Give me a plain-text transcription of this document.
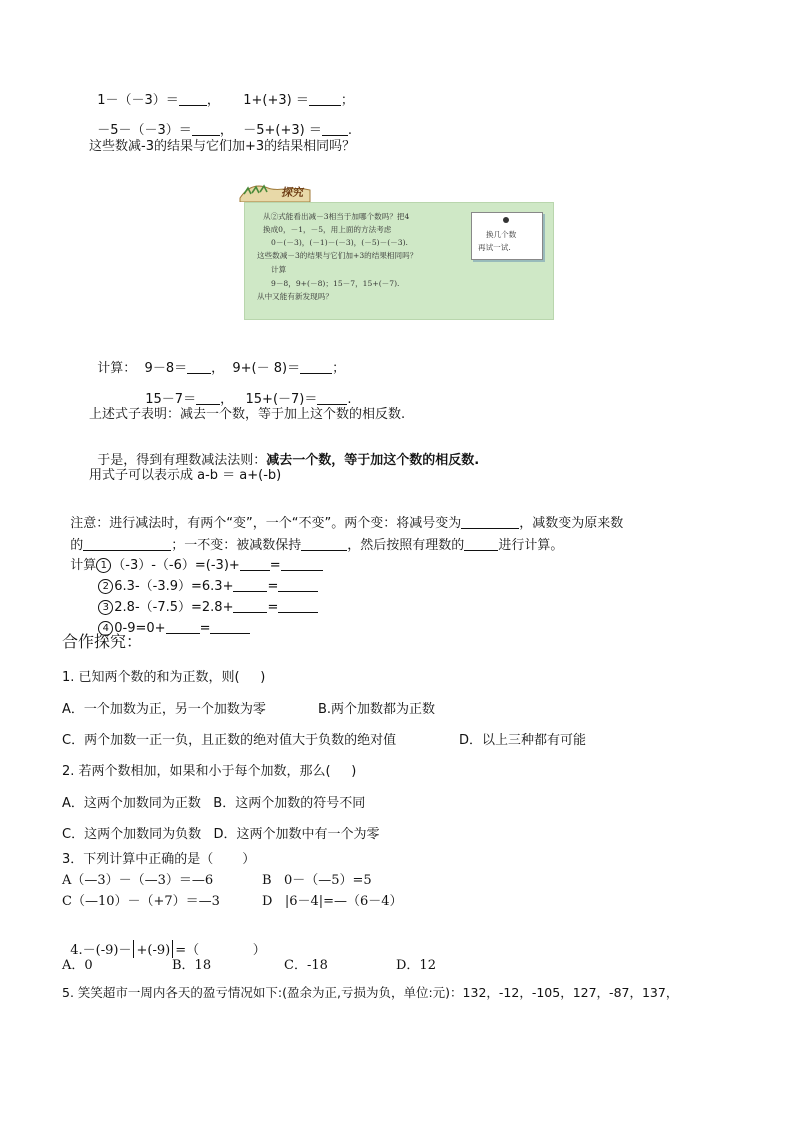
1－（－3）＝ ，	1+(+3) ＝ ；

－5－（－3）＝ ， －5+(+3) ＝ .

这些数减-3的结果与它们加+3的结果相同吗？
探究
从②式能看出减－3相当于加哪个数吗？把4
换成0，－1，－5，用上面的方法考虑
0－(－3)，(－1)－(－3)，(－5)－(－3).
这些数减－3的结果与它们加+3的结果相同吗？
计算
9－8，9+(－8)；15－7，15+(－7).
从中又能有新发现吗？
换几个数
再试一试.

计算： 9－8＝ ， 9+(－ 8)＝ ；

15－7＝ ， 15+(－7)＝ .

上述式子表明：减去一个数，等于加上这个数的相反数.

于是，得到有理数减法法则：减去一个数，等于加这个数的相反数.

用式子可以表示成 a-b ＝ a+(-b)

注意：进行减法时，有两个“变”，一个“不变”。两个变：将减号变为	，减数变为原来数

的	；一不变：被减数保持	，然后按照有理数的	进行计算。

计算 1 （-3）-（-6）=(-3)+ =

2 6.3-（-3.9）=6.3+	=

3 2.8-（-7.5）=2.8+	=

4 0-9=0+	=

合作探究：
1. 已知两个数的和为正数，则(     )
A．一个加数为正，另一个加数为零	B.两个加数都为正数
C．两个加数一正一负，且正数的绝对值大于负数的绝对值	D．以上三种都有可能
2. 若两个数相加，如果和小于每个加数，那么(     )
A．这两个加数同为正数   B．这两个加数的符号不同
C．这两个加数同为负数   D．这两个加数中有一个为零
3．下列计算中正确的是（       ）
A（—3）－（—3）＝—6	B   0－（—5）=5
C（—10）－（+7）＝—3	D   |6－4|=—（6－4）

4.－(-9)－ +(-9) =（             ）

A．0	B．18	C．-18	D．12
5. 笑笑超市一周内各天的盈亏情况如下:(盈余为正,亏损为负，单位:元)：132，-12，-105，127，-87，137，
